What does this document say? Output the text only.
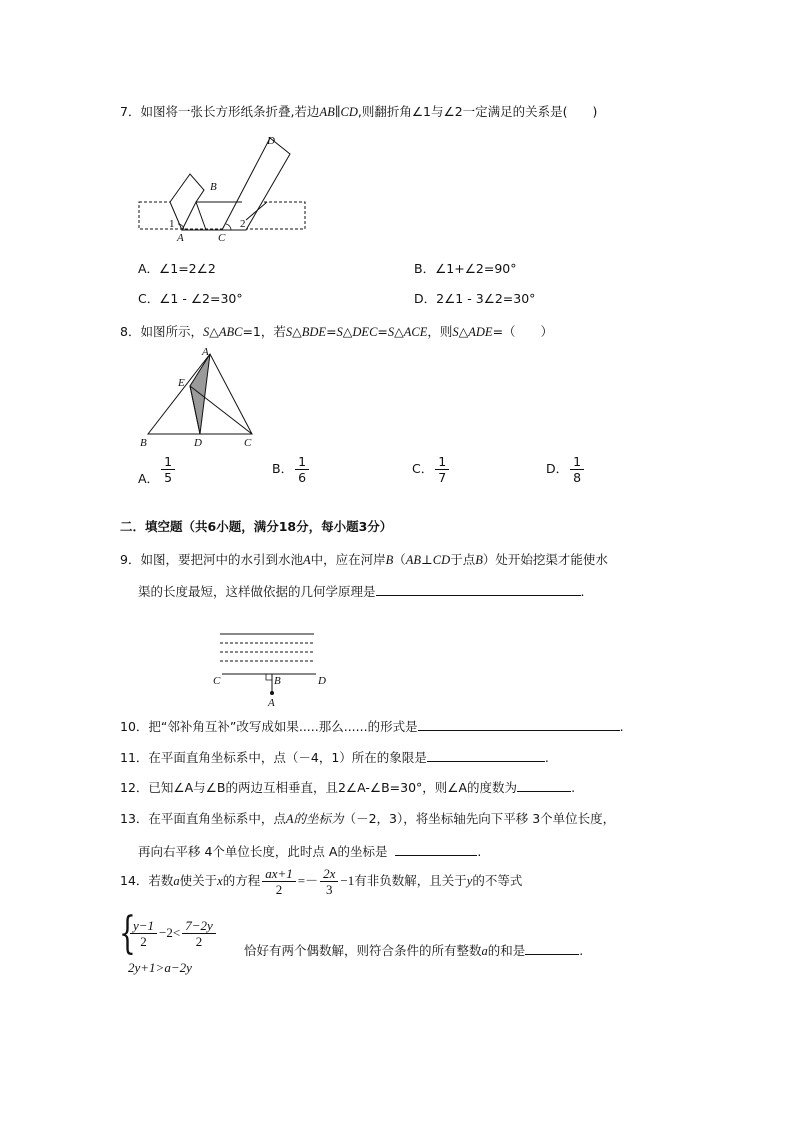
7．如图将一张长方形纸条折叠,若边AB∥CD,则翻折角∠1与∠2一定满足的关系是(　　)
A
B
C
D
1	2
A．∠1=2∠2	B．∠1+∠2=90°
C．∠1 - ∠2=30°	D．2∠1 - 3∠2=30°
8．如图所示，S△ABC=1，若S△BDE=S△DEC=S△ACE，则S△ADE=（　　）
A
E
B	D	C
A． $\frac{1}{5}$	B． $\frac{1}{6}$	C． $\frac{1}{7}$	D． $\frac{1}{8}$
二．填空题（共6小题，满分18分，每小题3分）
9．如图，要把河中的水引到水池A中，应在河岸B（AB⊥CD于点B）处开始挖渠才能使水
渠的长度最短，这样做依据的几何学原理是	.
C	B	D
A
10．把“邻补角互补”改写成如果.....那么......的形式是	.
11．在平面直角坐标系中，点（－4，1）所在的象限是	.
12．已知∠A与∠B的两边互相垂直，且2∠A-∠B=30°，则∠A的度数为	.
13．在平面直角坐标系中，点A的坐标为（－2，3），将坐标轴先向下平移 3个单位长度，
再向右平移 4个单位长度，此时点 A的坐标是	.
14．若数a使关于x的方程 $\frac{ax+1}{2} =- \frac{2x}{3} -1$有非负数解，且关于y的不等式
{
$\frac{y-1}{2} -2< \frac{7-2y}{2}$
2y+1>a−2y
恰好有两个偶数解，则符合条件的所有整数a的和是	.
